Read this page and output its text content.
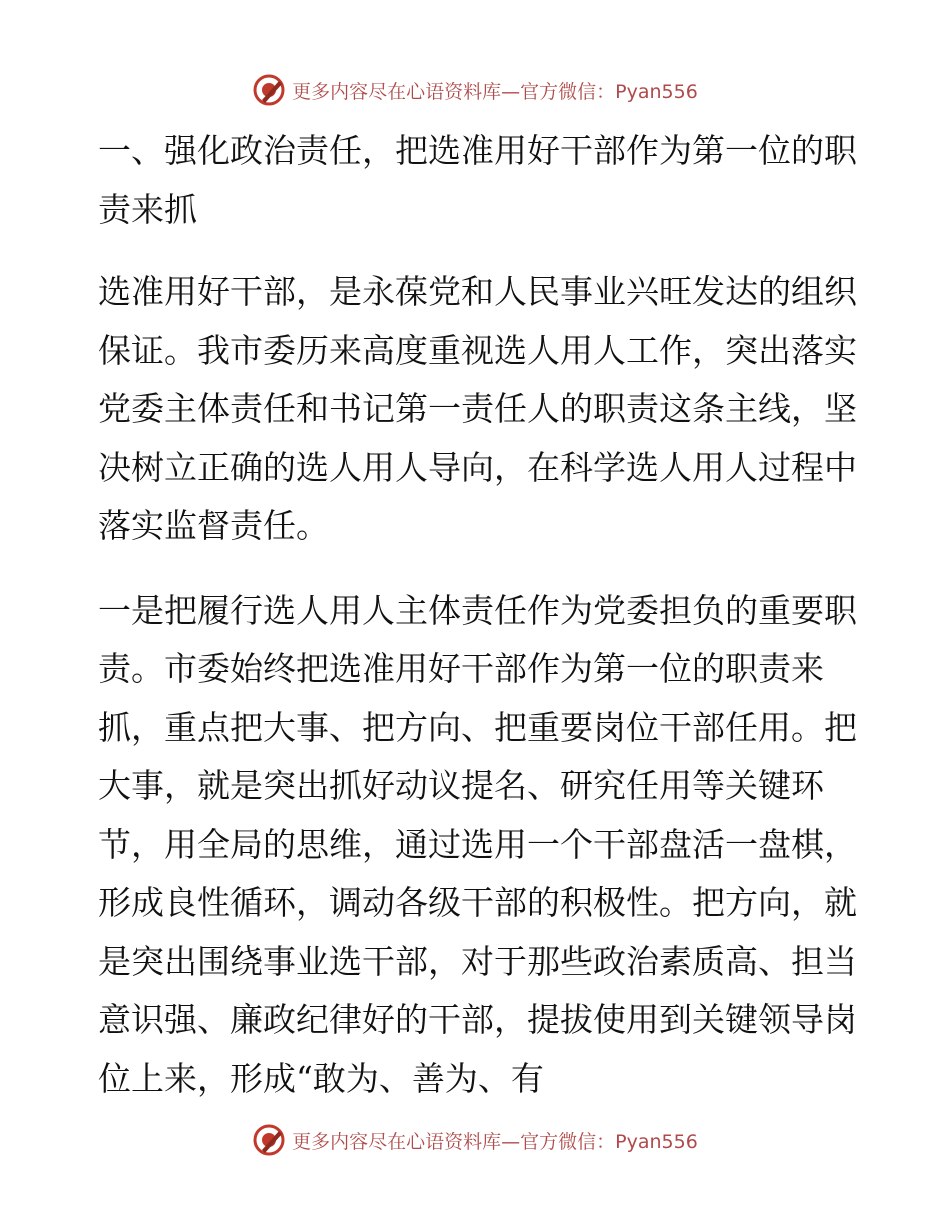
更多内容尽在心语资料库—官方微信：Pyan556

一、强化政治责任，把选准用好干部作为第一位的职责来抓

选准用好干部，是永葆党和人民事业兴旺发达的组织保证。我市委历来高度重视选人用人工作，突出落实党委主体责任和书记第一责任人的职责这条主线，坚决树立正确的选人用人导向，在科学选人用人过程中落实监督责任。

一是把履行选人用人主体责任作为党委担负的重要职责。市委始终把选准用好干部作为第一位的职责来抓，重点把大事、把方向、把重要岗位干部任用。把大事，就是突出抓好动议提名、研究任用等关键环节，用全局的思维，通过选用一个干部盘活一盘棋，形成良性循环，调动各级干部的积极性。把方向，就是突出围绕事业选干部，对于那些政治素质高、担当意识强、廉政纪律好的干部，提拔使用到关键领导岗位上来，形成“敢为、善为、有

更多内容尽在心语资料库—官方微信：Pyan556
